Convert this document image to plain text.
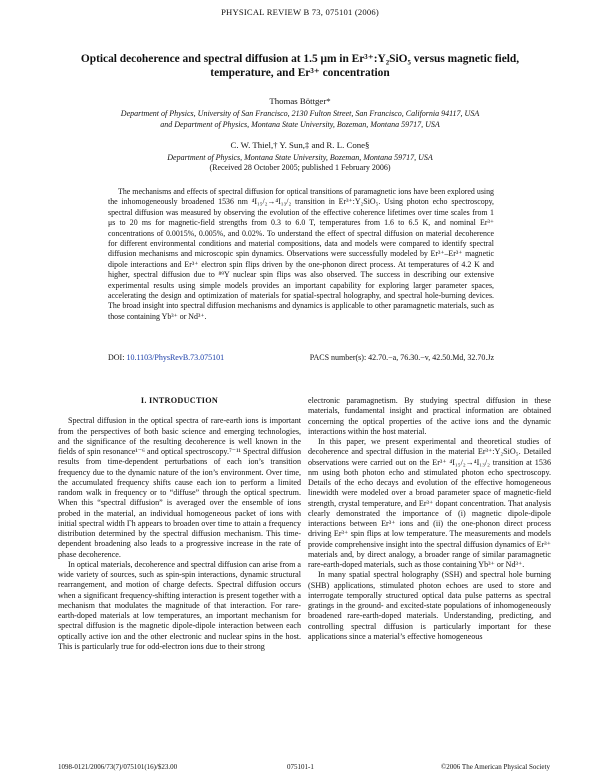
PHYSICAL REVIEW B 73, 075101 (2006)
Optical decoherence and spectral diffusion at 1.5 μm in Er³⁺:Y₂SiO₅ versus magnetic field,
temperature, and Er³⁺ concentration
Thomas Böttger*
Department of Physics, University of San Francisco, 2130 Fulton Street, San Francisco, California 94117, USA
and Department of Physics, Montana State University, Bozeman, Montana 59717, USA
C. W. Thiel,† Y. Sun,‡ and R. L. Cone§
Department of Physics, Montana State University, Bozeman, Montana 59717, USA
(Received 28 October 2005; published 1 February 2006)

The mechanisms and effects of spectral diffusion for optical transitions of paramagnetic ions have been explored using the inhomogeneously broadened 1536 nm ⁴I₁₅/₂→⁴I₁₃/₂ transition in Er³⁺:Y₂SiO₅. Using photon echo spectroscopy, spectral diffusion was measured by observing the evolution of the effective coherence lifetimes over time scales from 1 μs to 20 ms for magnetic-field strengths from 0.3 to 6.0 T, temperatures from 1.6 to 6.5 K, and nominal Er³⁺ concentrations of 0.0015%, 0.005%, and 0.02%. To understand the effect of spectral diffusion on material decoherence for different environmental conditions and material compositions, data and models were compared to identify spectral diffusion mechanisms and microscopic spin dynamics. Observations were successfully modeled by Er³⁺–Er³⁺ magnetic dipole interactions and Er³⁺ electron spin flips driven by the one-phonon direct process. At temperatures of 4.2 K and higher, spectral diffusion due to ⁸⁹Y nuclear spin flips was also observed. The success in describing our extensive experimental results using simple models provides an important capability for exploring larger parameter spaces, accelerating the design and optimization of materials for spatial-spectral holography, and spectral hole-burning devices. The broad insight into spectral diffusion mechanisms and dynamics is applicable to other paramagnetic materials, such as those containing Yb³⁺ or Nd³⁺.

DOI: 10.1103/PhysRevB.73.075101	PACS number(s): 42.70.−a, 76.30.−v, 42.50.Md, 32.70.Jz
I. INTRODUCTION

Spectral diffusion in the optical spectra of rare-earth ions is important from the perspectives of both basic science and emerging technologies, and the significance of the resulting decoherence is well known in the fields of spin resonance¹⁻⁶ and optical spectroscopy.⁷⁻¹¹ Spectral diffusion results from time-dependent perturbations of each ion’s transition frequency due to the dynamic nature of the ion’s environment. Over time, the accumulated frequency shifts cause each ion to perform a limited random walk in frequency or to “diffuse” through the optical spectrum. When this “spectral diffusion” is averaged over the ensemble of ions probed in the material, an individual homogeneous packet of ions with initial spectral width Γh appears to broaden over time to attain a frequency distribution determined by the spectral diffusion mechanism. This time-dependent broadening also leads to a progressive increase in the rate of phase decoherence.

In optical materials, decoherence and spectral diffusion can arise from a wide variety of sources, such as spin-spin interactions, dynamic structural rearrangement, and motion of charge defects. Spectral diffusion occurs when a significant frequency-shifting interaction is present together with a mechanism that modulates the magnitude of that interaction. For rare-earth-doped materials at low temperatures, an important mechanism for spectral diffusion is the magnetic dipole-dipole interaction between each optically active ion and the other electronic and nuclear spins in the host. This is particularly true for odd-electron ions due to their strong

electronic paramagnetism. By studying spectral diffusion in these materials, fundamental insight and practical information are obtained concerning the optical properties of the active ions and the dynamic interactions within the host material.

In this paper, we present experimental and theoretical studies of decoherence and spectral diffusion in the material Er³⁺:Y₂SiO₅. Detailed observations were carried out on the Er³⁺ ⁴I₁₅/₂→⁴I₁₃/₂ transition at 1536 nm using both photon echo and stimulated photon echo spectroscopy. Details of the echo decays and evolution of the effective homogeneous linewidth were modeled over a broad parameter space of magnetic-field strength, crystal temperature, and Er³⁺ dopant concentration. That analysis clearly demonstrated the importance of (i) magnetic dipole-dipole interactions between Er³⁺ ions and (ii) the one-phonon direct process driving Er³⁺ spin flips at low temperature. The measurements and models provide comprehensive insight into the spectral diffusion dynamics of Er³⁺ materials and, by direct analogy, a broader range of similar paramagnetic rare-earth-doped materials, such as those containing Yb³⁺ or Nd³⁺.

In many spatial spectral holography (SSH) and spectral hole burning (SHB) applications, stimulated photon echoes are used to store and interrogate temporally structured optical data pulse patterns as spectral gratings in the ground- and excited-state populations of inhomogeneously broadened rare-earth-doped materials. Understanding, predicting, and controlling spectral diffusion is particularly important for these applications since a material’s effective homogeneous

1098-0121/2006/73(7)/075101(16)/$23.00	075101-1	©2006 The American Physical Society
